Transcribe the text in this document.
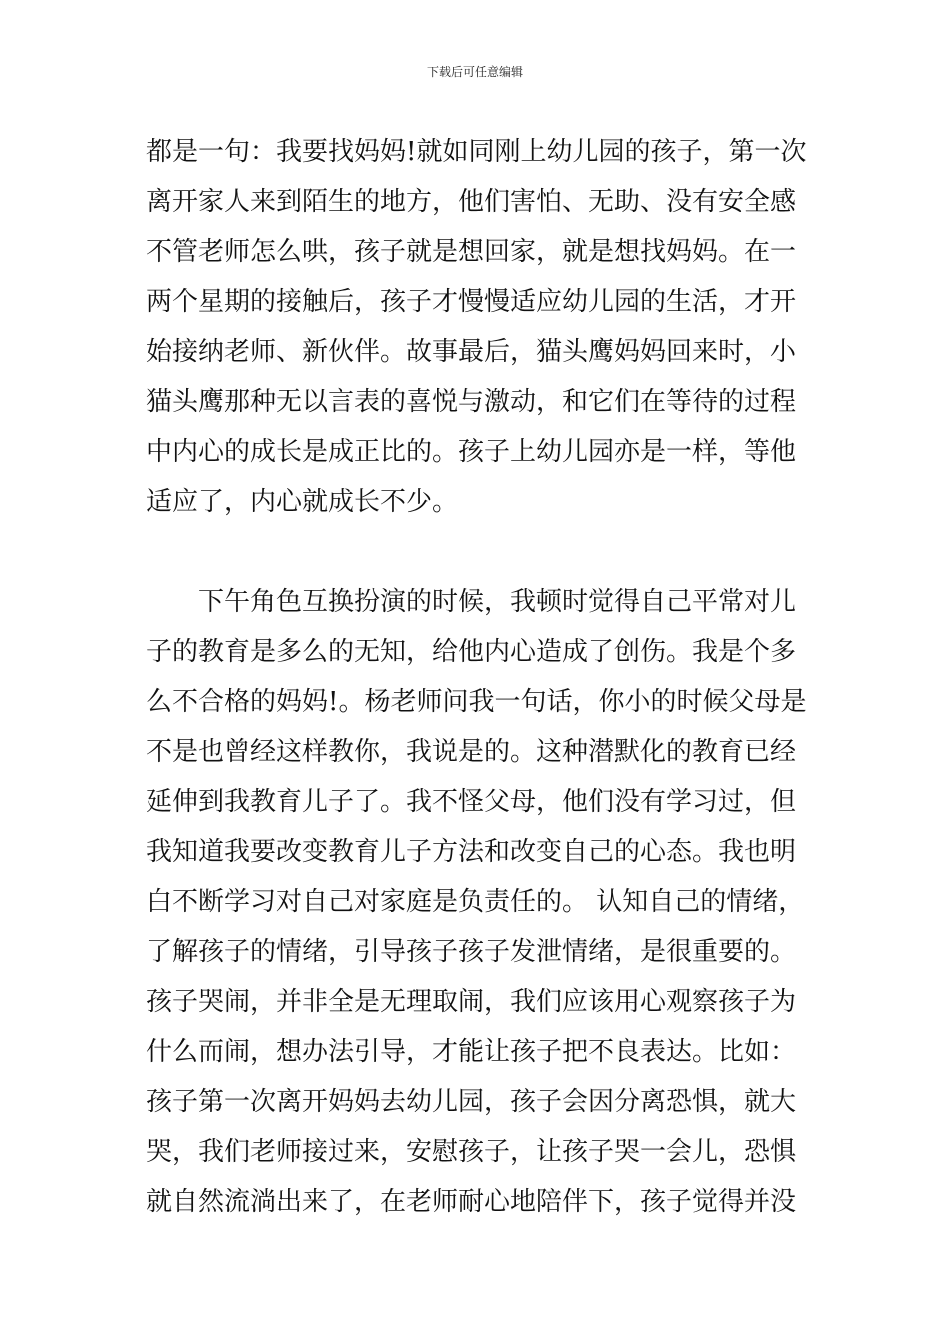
下载后可任意编辑
都是一句：我要找妈妈!就如同刚上幼儿园的孩子，第一次
离开家人来到陌生的地方，他们害怕、无助、没有安全感
不管老师怎么哄，孩子就是想回家，就是想找妈妈。在一
两个星期的接触后，孩子才慢慢适应幼儿园的生活，才开
始接纳老师、新伙伴。故事最后，猫头鹰妈妈回来时，小
猫头鹰那种无以言表的喜悦与激动，和它们在等待的过程
中内心的成长是成正比的。孩子上幼儿园亦是一样，等他
适应了，内心就成长不少。
　　下午角色互换扮演的时候，我顿时觉得自己平常对儿
子的教育是多么的无知，给他内心造成了创伤。我是个多
么不合格的妈妈!。杨老师问我一句话，你小的时候父母是
不是也曾经这样教你，我说是的。这种潜默化的教育已经
延伸到我教育儿子了。我不怪父母，他们没有学习过，但
我知道我要改变教育儿子方法和改变自己的心态。我也明
白不断学习对自己对家庭是负责任的。 认知自己的情绪，
了解孩子的情绪，引导孩子孩子发泄情绪，是很重要的。
孩子哭闹，并非全是无理取闹，我们应该用心观察孩子为
什么而闹，想办法引导，才能让孩子把不良表达。比如：
孩子第一次离开妈妈去幼儿园，孩子会因分离恐惧，就大
哭，我们老师接过来，安慰孩子，让孩子哭一会儿，恐惧
就自然流淌出来了，在老师耐心地陪伴下，孩子觉得并没
